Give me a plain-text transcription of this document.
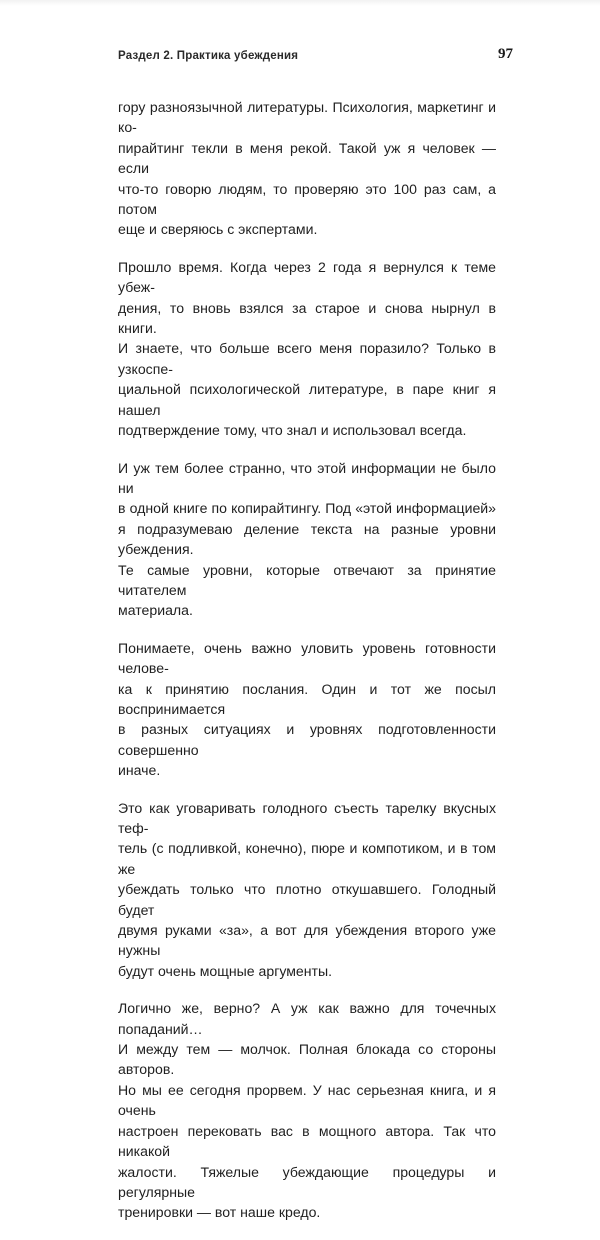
Раздел 2. Практика убеждения	97

гору разноязычной литературы. Психология, маркетинг и ко-
пирайтинг текли в меня рекой. Такой уж я человек — если
что-то говорю людям, то проверяю это 100 раз сам, а потом
еще и сверяюсь с экспертами.

Прошло время. Когда через 2 года я вернулся к теме убеж-
дения, то вновь взялся за старое и снова нырнул в книги.
И знаете, что больше всего меня поразило? Только в узкоспе-
циальной психологической литературе, в паре книг я нашел
подтверждение тому, что знал и использовал всегда.

И уж тем более странно, что этой информации не было ни
в одной книге по копирайтингу. Под «этой информацией»
я подразумеваю деление текста на разные уровни убеждения.
Те самые уровни, которые отвечают за принятие читателем
материала.

Понимаете, очень важно уловить уровень готовности челове-
ка к принятию послания. Один и тот же посыл воспринимается
в разных ситуациях и уровнях подготовленности совершенно
иначе.

Это как уговаривать голодного съесть тарелку вкусных теф-
тель (с подливкой, конечно), пюре и компотиком, и в том же
убеждать только что плотно откушавшего. Голодный будет
двумя руками «за», а вот для убеждения второго уже нужны
будут очень мощные аргументы.

Логично же, верно? А уж как важно для точечных попаданий…
И между тем — молчок. Полная блокада со стороны авторов.
Но мы ее сегодня прорвем. У нас серьезная книга, и я очень
настроен перековать вас в мощного автора. Так что никакой
жалости. Тяжелые убеждающие процедуры и регулярные
тренировки — вот наше кредо.
